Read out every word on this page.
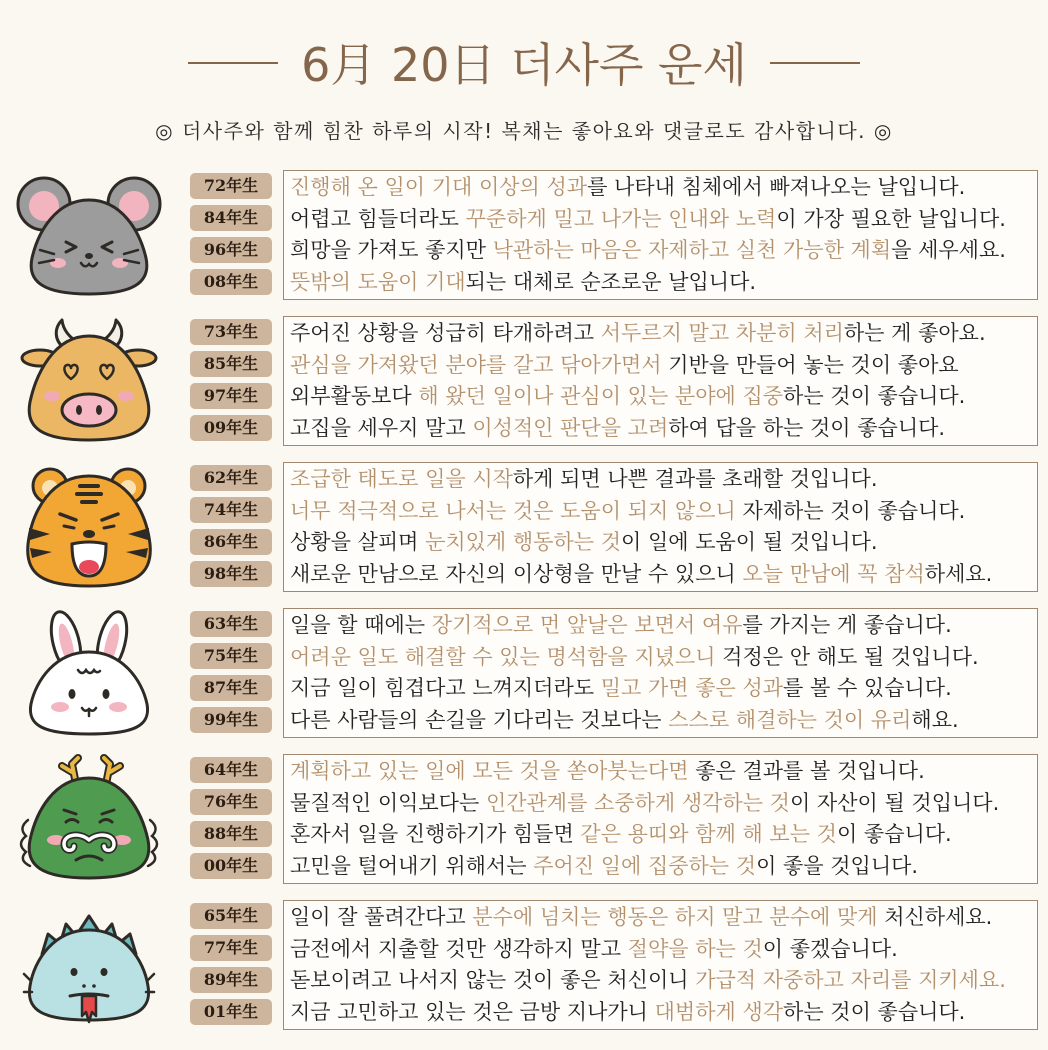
6月 20日 더사주 운세
◎ 더사주와 함께 힘찬 하루의 시작! 복채는 좋아요와 댓글로도 감사합니다. ◎
72年生
84年生
96年生
08年生
진행해 온 일이 기대 이상의 성과를 나타내 침체에서 빠져나오는 날입니다.
어렵고 힘들더라도 꾸준하게 밀고 나가는 인내와 노력이 가장 필요한 날입니다.
희망을 가져도 좋지만 낙관하는 마음은 자제하고 실천 가능한 계획을 세우세요.
뜻밖의 도움이 기대되는 대체로 순조로운 날입니다.
73年生
85年生
97年生
09年生
주어진 상황을 성급히 타개하려고 서두르지 말고 차분히 처리하는 게 좋아요.
관심을 가져왔던 분야를 갈고 닦아가면서 기반을 만들어 놓는 것이 좋아요
외부활동보다 해 왔던 일이나 관심이 있는 분야에 집중하는 것이 좋습니다.
고집을 세우지 말고 이성적인 판단을 고려하여 답을 하는 것이 좋습니다.
62年生
74年生
86年生
98年生
조급한 태도로 일을 시작하게 되면 나쁜 결과를 초래할 것입니다.
너무 적극적으로 나서는 것은 도움이 되지 않으니 자제하는 것이 좋습니다.
상황을 살피며 눈치있게 행동하는 것이 일에 도움이 될 것입니다.
새로운 만남으로 자신의 이상형을 만날 수 있으니 오늘 만남에 꼭 참석하세요.
63年生
75年生
87年生
99年生
일을 할 때에는 장기적으로 먼 앞날은 보면서 여유를 가지는 게 좋습니다.
어려운 일도 해결할 수 있는 명석함을 지녔으니 걱정은 안 해도 될 것입니다.
지금 일이 힘겹다고 느껴지더라도 밀고 가면 좋은 성과를 볼 수 있습니다.
다른 사람들의 손길을 기다리는 것보다는 스스로 해결하는 것이 유리해요.
64年生
76年生
88年生
00年生
계획하고 있는 일에 모든 것을 쏟아붓는다면 좋은 결과를 볼 것입니다.
물질적인 이익보다는 인간관계를 소중하게 생각하는 것이 자산이 될 것입니다.
혼자서 일을 진행하기가 힘들면 같은 용띠와 함께 해 보는 것이 좋습니다.
고민을 털어내기 위해서는 주어진 일에 집중하는 것이 좋을 것입니다.
65年生
77年生
89年生
01年生
일이 잘 풀려간다고 분수에 넘치는 행동은 하지 말고 분수에 맞게 처신하세요.
금전에서 지출할 것만 생각하지 말고 절약을 하는 것이 좋겠습니다.
돋보이려고 나서지 않는 것이 좋은 처신이니 가급적 자중하고 자리를 지키세요.
지금 고민하고 있는 것은 금방 지나가니 대범하게 생각하는 것이 좋습니다.
